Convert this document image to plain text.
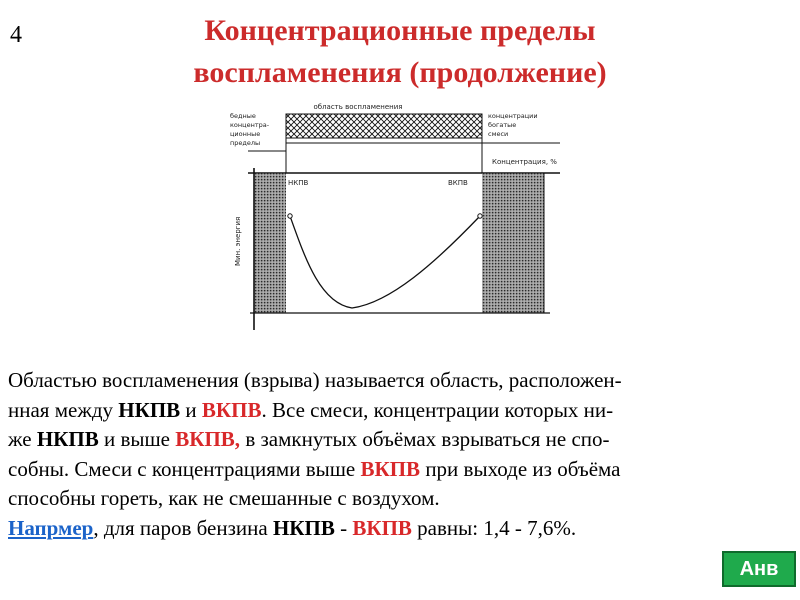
4	Концентрационные пределы
воспламенения (продолжение)
область воспламенения
бедные
концентра-
ционные
пределы
концентрации
богатые
смеси
Концентрация, %
Мин. энергия
НКПВ	ВКПВ
Областью воспламенения (взрыва) называется область, расположен-
нная между НКПВ и ВКПВ. Все смеси, концентрации которых ни-
же НКПВ и выше ВКПВ, в замкнутых объёмах взрываться не спо-
собны. Смеси с концентрациями выше ВКПВ при выходе из объёма
способны гореть, как не смешанные с воздухом.
Напрмер, для паров бензина НКПВ - ВКПВ равны: 1,4 - 7,6%.
Анв
